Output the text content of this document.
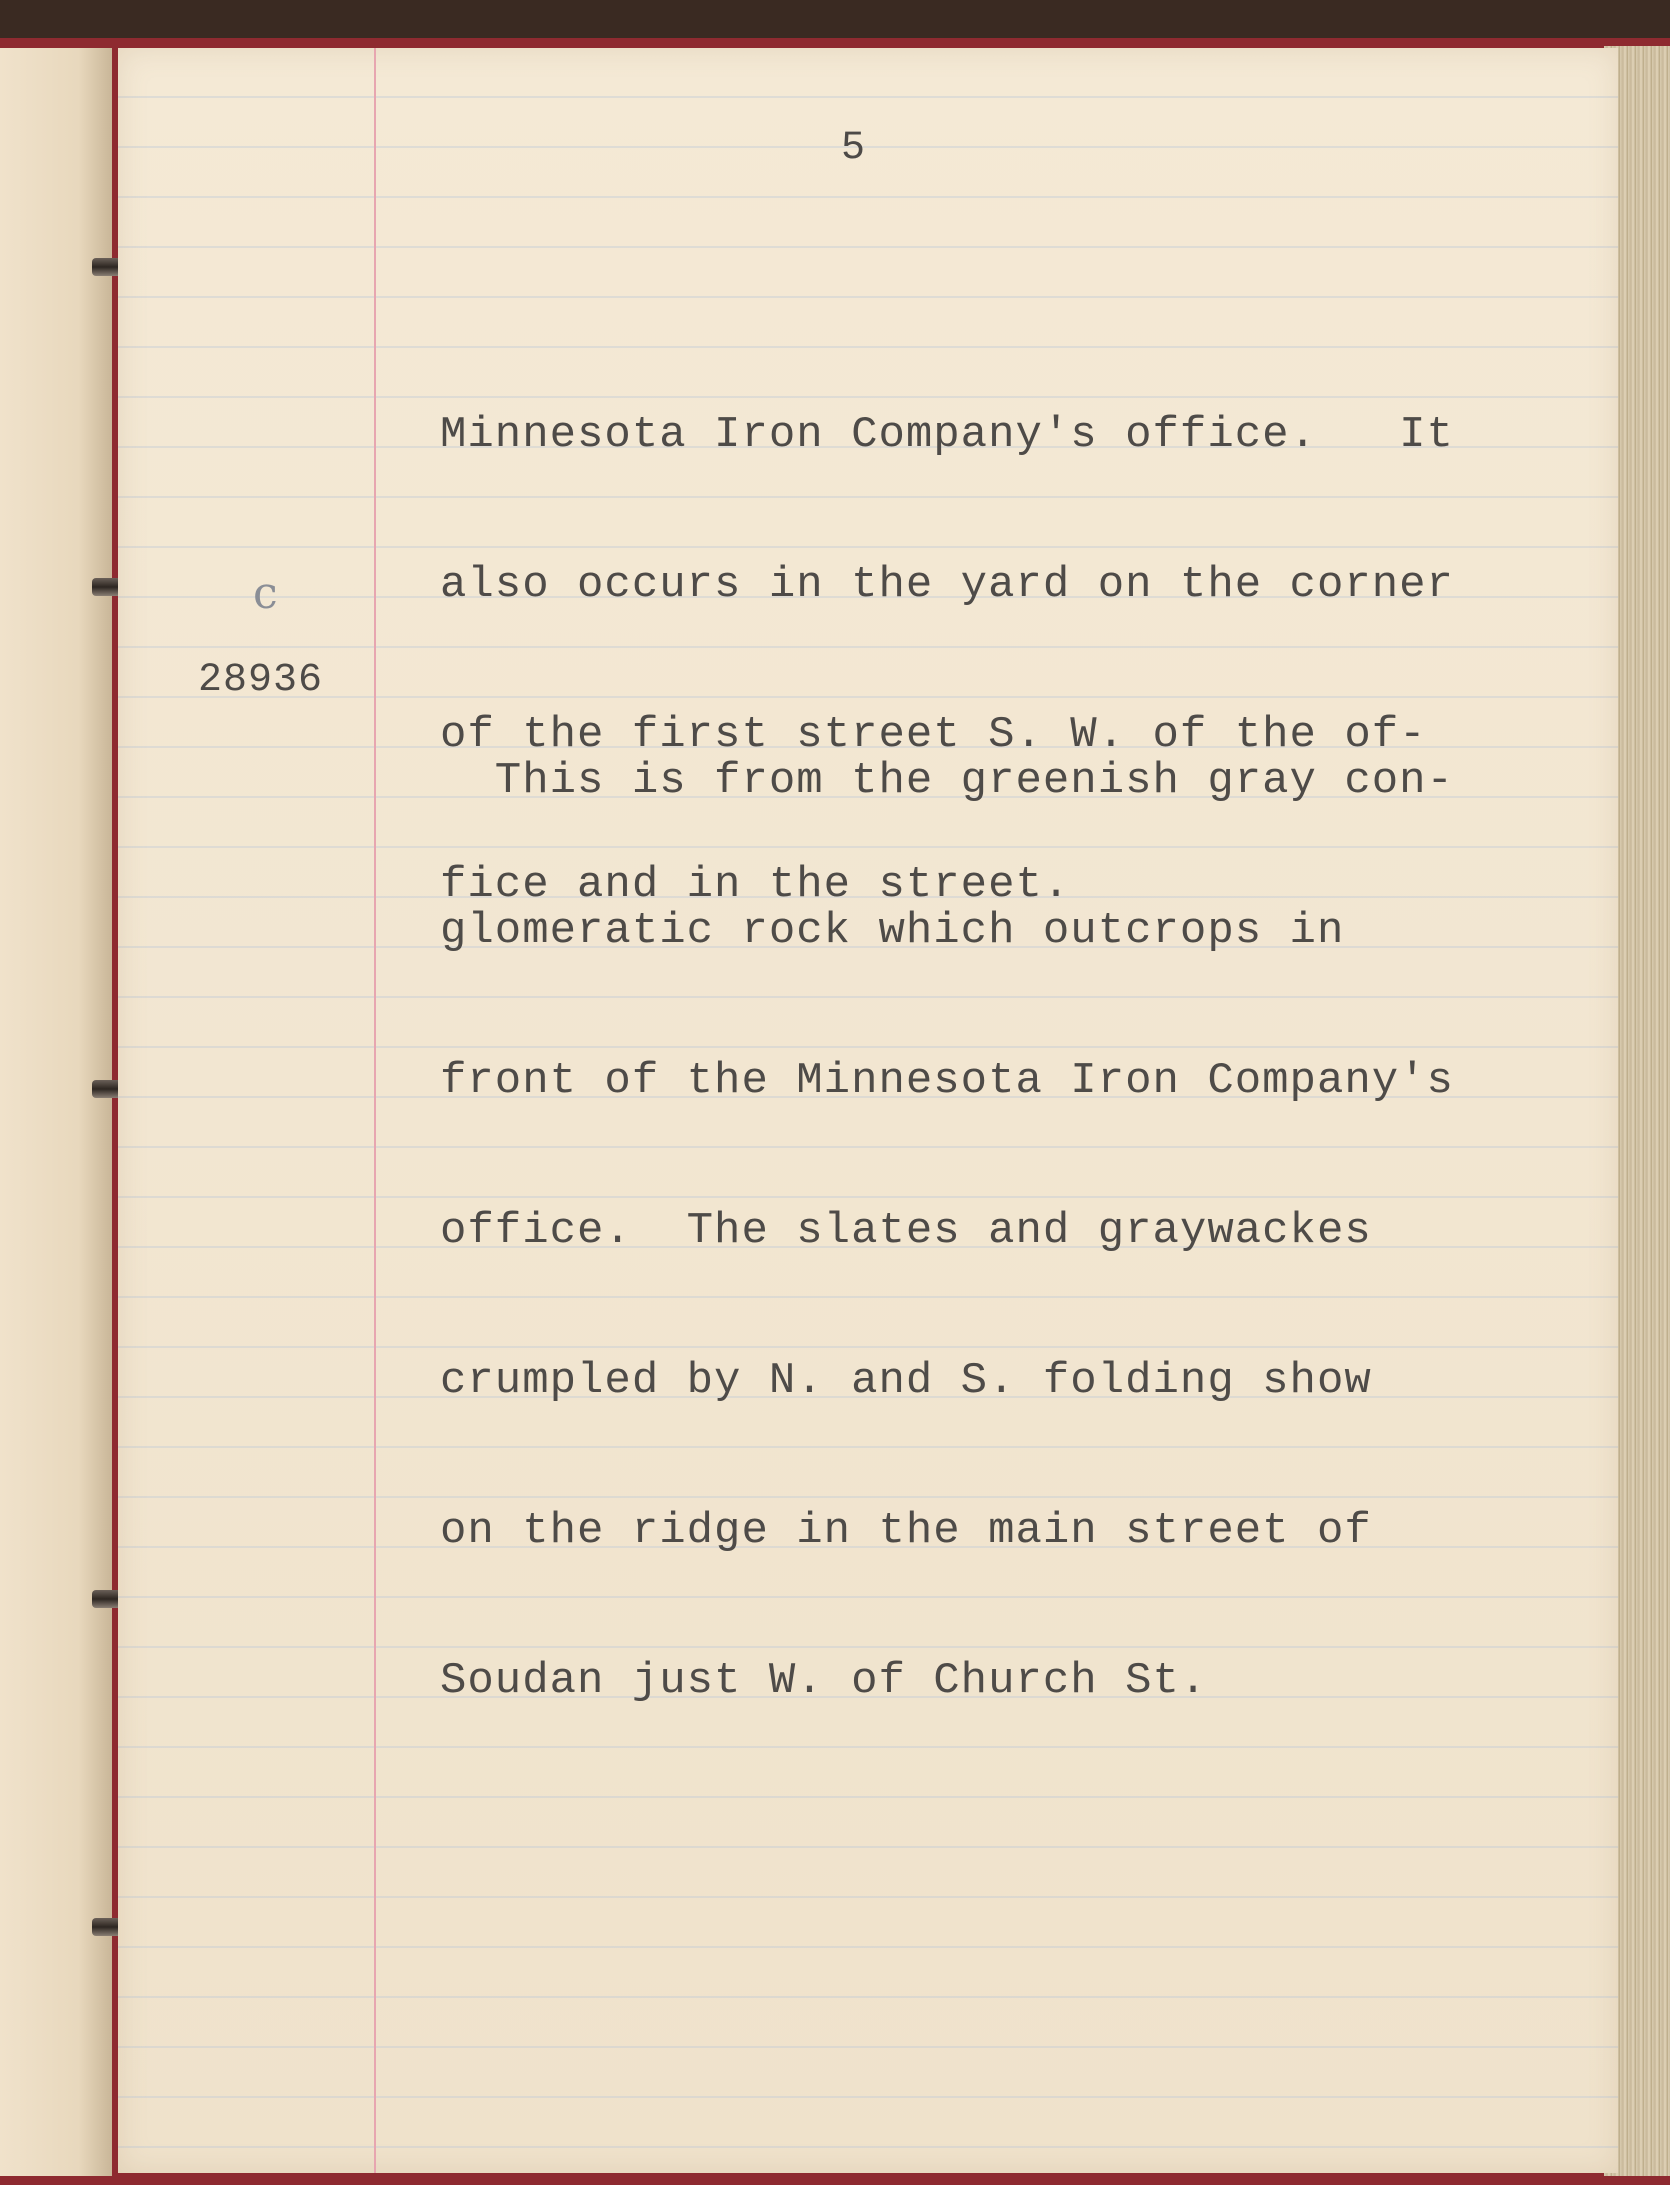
5

Minnesota Iron Company's office.   It

also occurs in the yard on the corner

of the first street S. W. of the of-

fice and in the street.

c
28936

This is from the greenish gray con-

glomeratic rock which outcrops in

front of the Minnesota Iron Company's

office.  The slates and graywackes

crumpled by N. and S. folding show

on the ridge in the main street of

Soudan just W. of Church St.
